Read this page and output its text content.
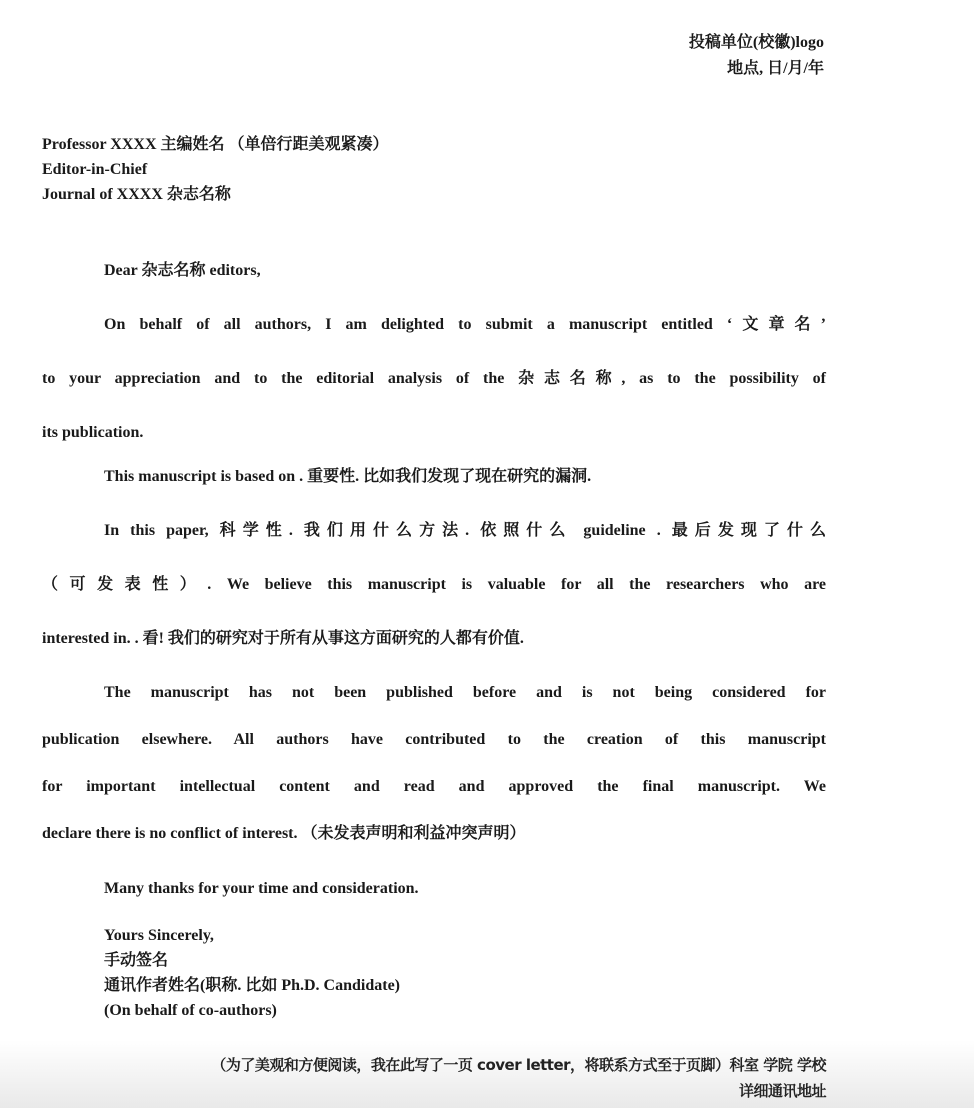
投稿单位(校徽)logo
地点, 日/月/年
Professor XXXX 主编姓名 （单倍行距美观紧凑）
Editor-in-Chief
Journal of XXXX 杂志名称
Dear 杂志名称 editors,
On behalf of all authors, I am delighted to submit a manuscript entitled ‘文章名’
to your appreciation and to the editorial analysis of the 杂志名称, as to the possibility of
its publication.
This manuscript is based on . 重要性. 比如我们发现了现在研究的漏洞.
In this paper, 科学性. 我们用什么方法. 依照什么 guideline . 最后发现了什么
（可发表性）. We believe this manuscript is valuable for all the researchers who are
interested in. . 看! 我们的研究对于所有从事这方面研究的人都有价值.
The manuscript has not been published before and is not being considered for
publication elsewhere. All authors have contributed to the creation of this manuscript
for important intellectual content and read and approved the final manuscript. We
declare there is no conflict of interest. （未发表声明和利益冲突声明）
Many thanks for your time and consideration.
Yours Sincerely,
手动签名
通讯作者姓名(职称. 比如 Ph.D. Candidate)
(On behalf of co-authors)
（为了美观和方便阅读，我在此写了一页 cover letter，将联系方式至于页脚）科室 学院 学校
详细通讯地址
